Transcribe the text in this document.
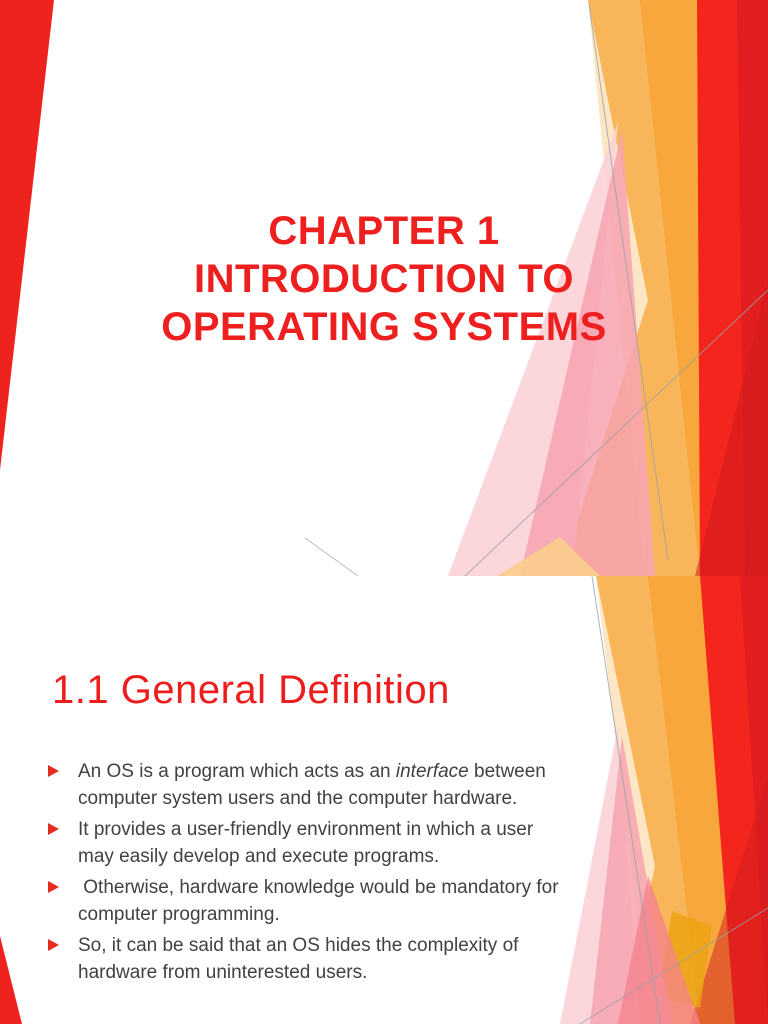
CHAPTER 1
INTRODUCTION TO
OPERATING SYSTEMS
1.1 General Definition
An OS is a program which acts as an interface between
computer system users and the computer hardware.
It provides a user-friendly environment in which a user
may easily develop and execute programs.
Otherwise, hardware knowledge would be mandatory for
computer programming.
So, it can be said that an OS hides the complexity of
hardware from uninterested users.
